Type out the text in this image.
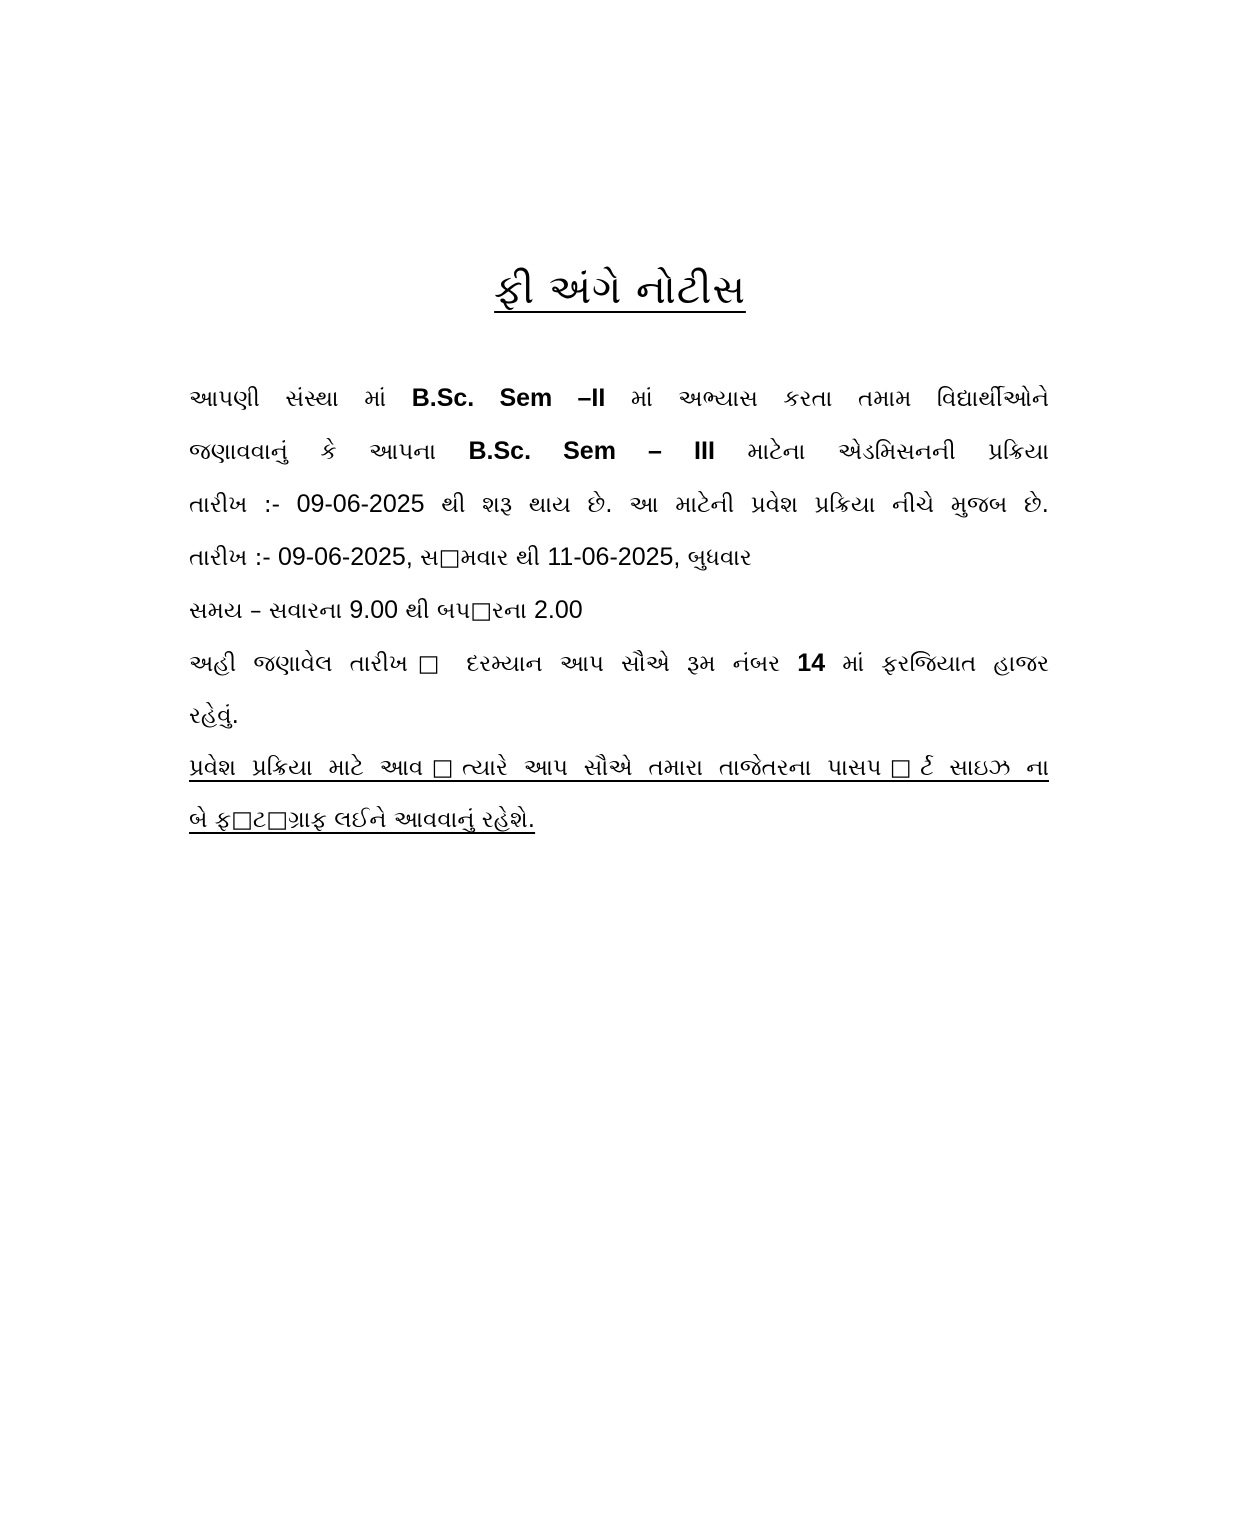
ફી અંગે નોટીસ
આપણી સંસ્થા માં B.Sc. Sem –II માં અભ્યાસ કરતા તમામ વિદ્યાર્થીઓને
જણાવવાનું કે આપના B.Sc. Sem – III માટેના એડમિસનની પ્રક્રિયા
તારીખ :- 09-06-2025 થી શરૂ થાય છે. આ માટેની પ્રવેશ પ્રક્રિયા નીચે મુજબ છે.
તારીખ :- 09-06-2025, સ□મવાર થી 11-06-2025, બુધવાર
સમય – સવારના 9.00 થી બપ□રના 2.00
અહી જણાવેલ તારીખ□ દરમ્યાન આપ સૌએ રૂમ નંબર 14 માં ફરજિયાત હાજર
રહેવું.
પ્રવેશ પ્રક્રિયા માટે આવ□ત્યારે આપ સૌએ તમારા તાજેતરના પાસપ□ર્ટ સાઇઝ ના
બે ફ□ટ□ગ્રાફ લઈને આવવાનું રહેશે.
